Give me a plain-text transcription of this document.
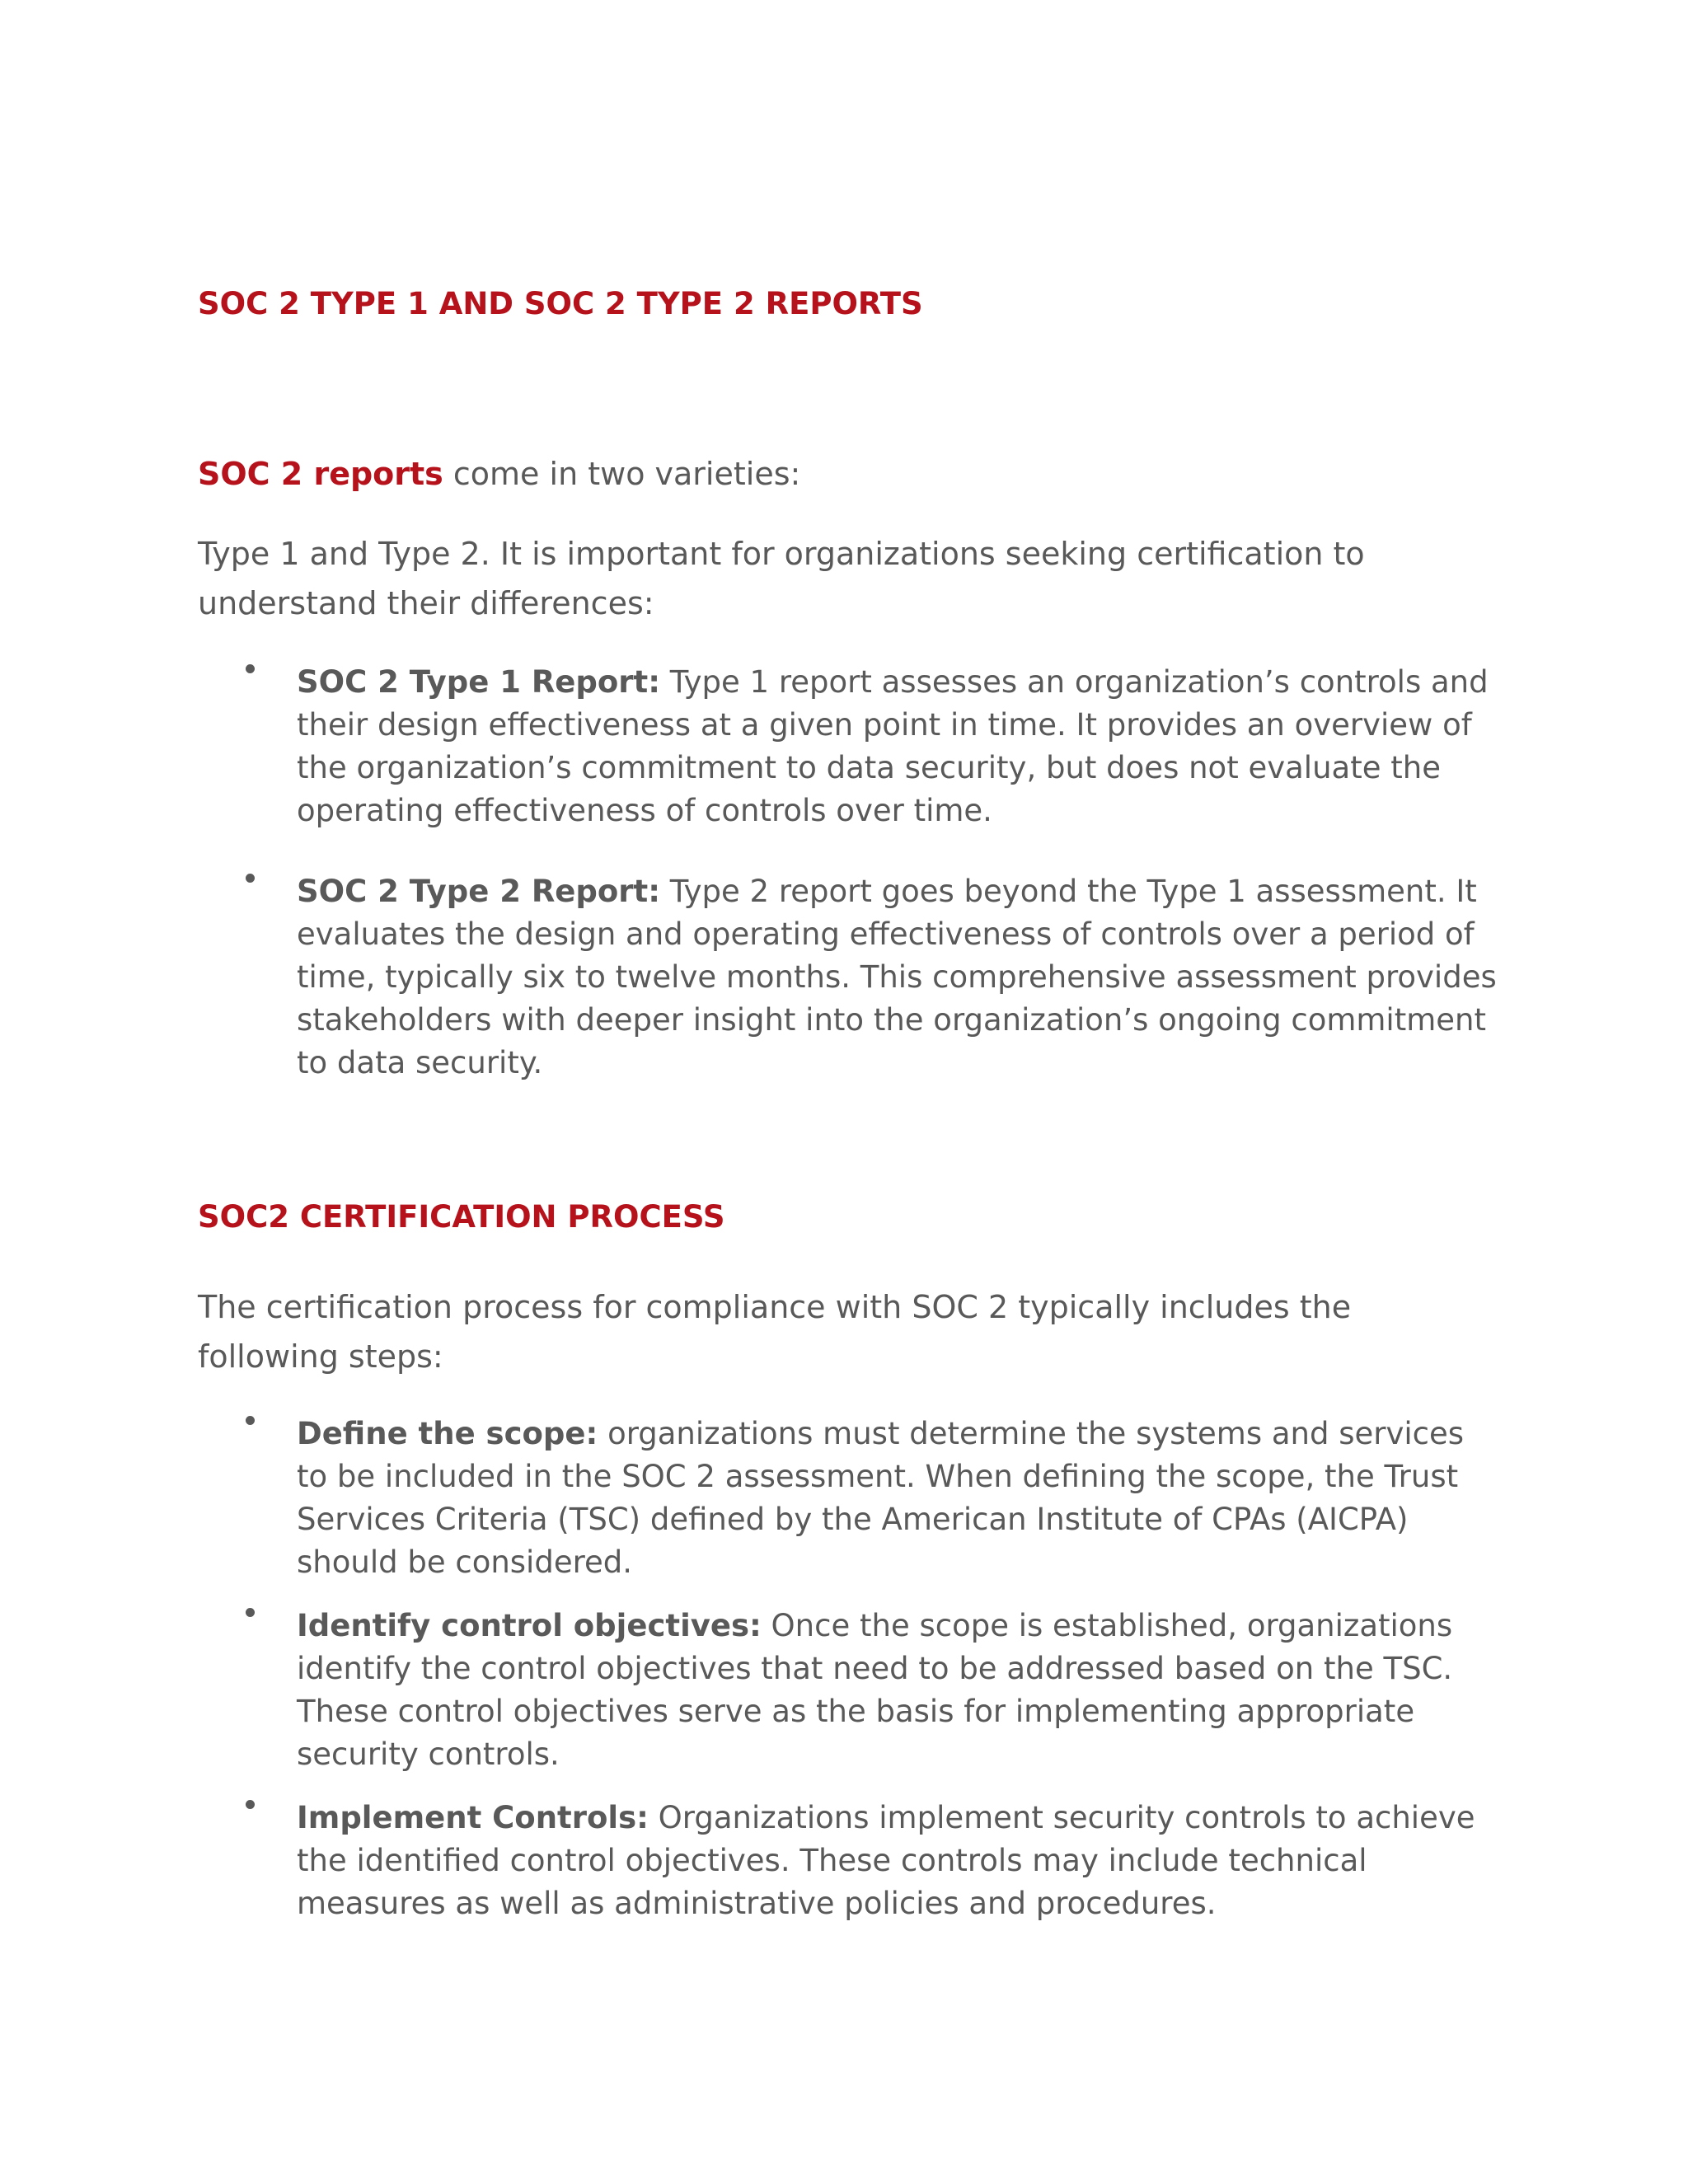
SOC 2 TYPE 1 AND SOC 2 TYPE 2 REPORTS

SOC 2 reports come in two varieties:

Type 1 and Type 2. It is important for organizations seeking certification to understand their differences:

SOC 2 Type 1 Report: Type 1 report assesses an organization’s controls and their design effectiveness at a given point in time. It provides an overview of the organization’s commitment to data security, but does not evaluate the operating effectiveness of controls over time.
SOC 2 Type 2 Report: Type 2 report goes beyond the Type 1 assessment. It evaluates the design and operating effectiveness of controls over a period of time, typically six to twelve months. This comprehensive assessment provides stakeholders with deeper insight into the organization’s ongoing commitment to data security.
SOC2 CERTIFICATION PROCESS

The certification process for compliance with SOC 2 typically includes the following steps:

Define the scope: organizations must determine the systems and services to be included in the SOC 2 assessment. When defining the scope, the Trust Services Criteria (TSC) defined by the American Institute of CPAs (AICPA) should be considered.
Identify control objectives: Once the scope is established, organizations identify the control objectives that need to be addressed based on the TSC. These control objectives serve as the basis for implementing appropriate security controls.
Implement Controls: Organizations implement security controls to achieve the identified control objectives. These controls may include technical measures as well as administrative policies and procedures.
